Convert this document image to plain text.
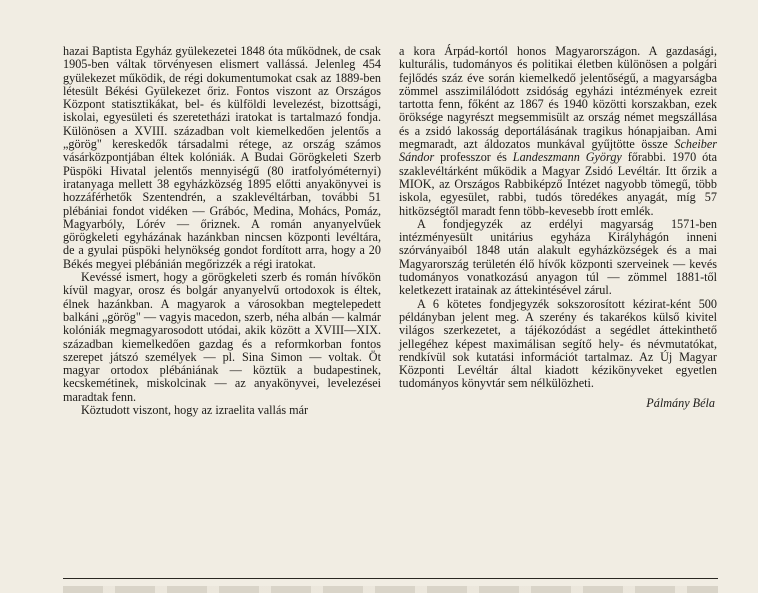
hazai Baptista Egyház gyülekezetei 1848 óta működnek, de csak 1905-ben váltak törvényesen elismert vallássá. Jelenleg 454 gyülekezet működik, de régi dokumentumokat csak az 1889-ben létesült Békési Gyülekezet őriz. Fontos viszont az Országos Központ statisztikákat, bel- és külföldi levelezést, bizottsági, iskolai, egyesületi és szeretetházi iratokat is tartalmazó fondja. Különösen a XVIII. században volt kiemelkedően jelentős a „görög" kereskedők társadalmi rétege, az ország számos vásárközpontjában éltek kolóniák. A Budai Görögkeleti Szerb Püspöki Hivatal jelentős mennyiségű (80 iratfolyóméternyi) iratanyaga mellett 38 egyházközség 1895 előtti anyakönyvei is hozzáférhetők Szentendrén, a szaklevéltárban, további 51 plébániai fondot vidéken — Grábóc, Medina, Mohács, Pomáz, Magyarbóly, Lórév — őriznek. A román anyanyelvűek görögkeleti egyházának hazánkban nincsen központi levéltára, de a gyulai püspöki helynökség gondot fordított arra, hogy a 20 Békés megyei plébánián megőrizzék a régi iratokat.

Kevéssé ismert, hogy a görögkeleti szerb és román hívőkön kívül magyar, orosz és bolgár anyanyelvű ortodoxok is éltek, élnek hazánkban. A magyarok a városokban megtelepedett balkáni „görög" — vagyis macedon, szerb, néha albán — kalmár kolóniák megmagyarosodott utódai, akik között a XVIII—XIX. században kiemelkedően gazdag és a reformkorban fontos szerepet játszó személyek — pl. Sina Simon — voltak. Öt magyar ortodox plébániának — köztük a budapestinek, kecskemétinek, miskolcinak — az anyakönyvei, levelezései maradtak fenn.

Köztudott viszont, hogy az izraelita vallás már

a kora Árpád-kortól honos Magyarországon. A gazdasági, kulturális, tudományos és politikai életben különösen a polgári fejlődés száz éve során kiemelkedő jelentőségű, a magyarságba zömmel asszimilálódott zsidóság egyházi intézmények ezreit tartotta fenn, főként az 1867 és 1940 közötti korszakban, ezek öröksége nagyrészt megsemmisült az ország német megszállása és a zsidó lakosság deportálásának tragikus hónapjaiban. Ami megmaradt, azt áldozatos munkával gyűjtötte össze Scheiber Sándor professzor és Landeszmann György főrabbi. 1970 óta szaklevéltárként működik a Magyar Zsidó Levéltár. Itt őrzik a MIOK, az Országos Rabbiképző Intézet nagyobb tömegű, több iskola, egyesület, rabbi, tudós töredékes anyagát, míg 57 hitközségtől maradt fenn több-kevesebb írott emlék.

A fondjegyzék az erdélyi magyarság 1571-ben intézményesült unitárius egyháza Királyhágón inneni szórványaiból 1848 után alakult egyházközségek és a mai Magyarország területén élő hívők központi szerveinek — kevés tudományos vonatkozású anyagon túl — zömmel 1881-től keletkezett iratainak az áttekintésével zárul.

A 6 kötetes fondjegyzék sokszorosított kézirat-ként 500 példányban jelent meg. A szerény és takarékos külső kivitel világos szerkezetet, a tájékozódást a segédlet áttekinthető jellegéhez képest maximálisan segítő hely- és névmutatókat, rendkívül sok kutatási információt tartalmaz. Az Új Magyar Központi Levéltár által kiadott kézikönyveket egyetlen tudományos könyvtár sem nélkülözheti.

Pálmány Béla
